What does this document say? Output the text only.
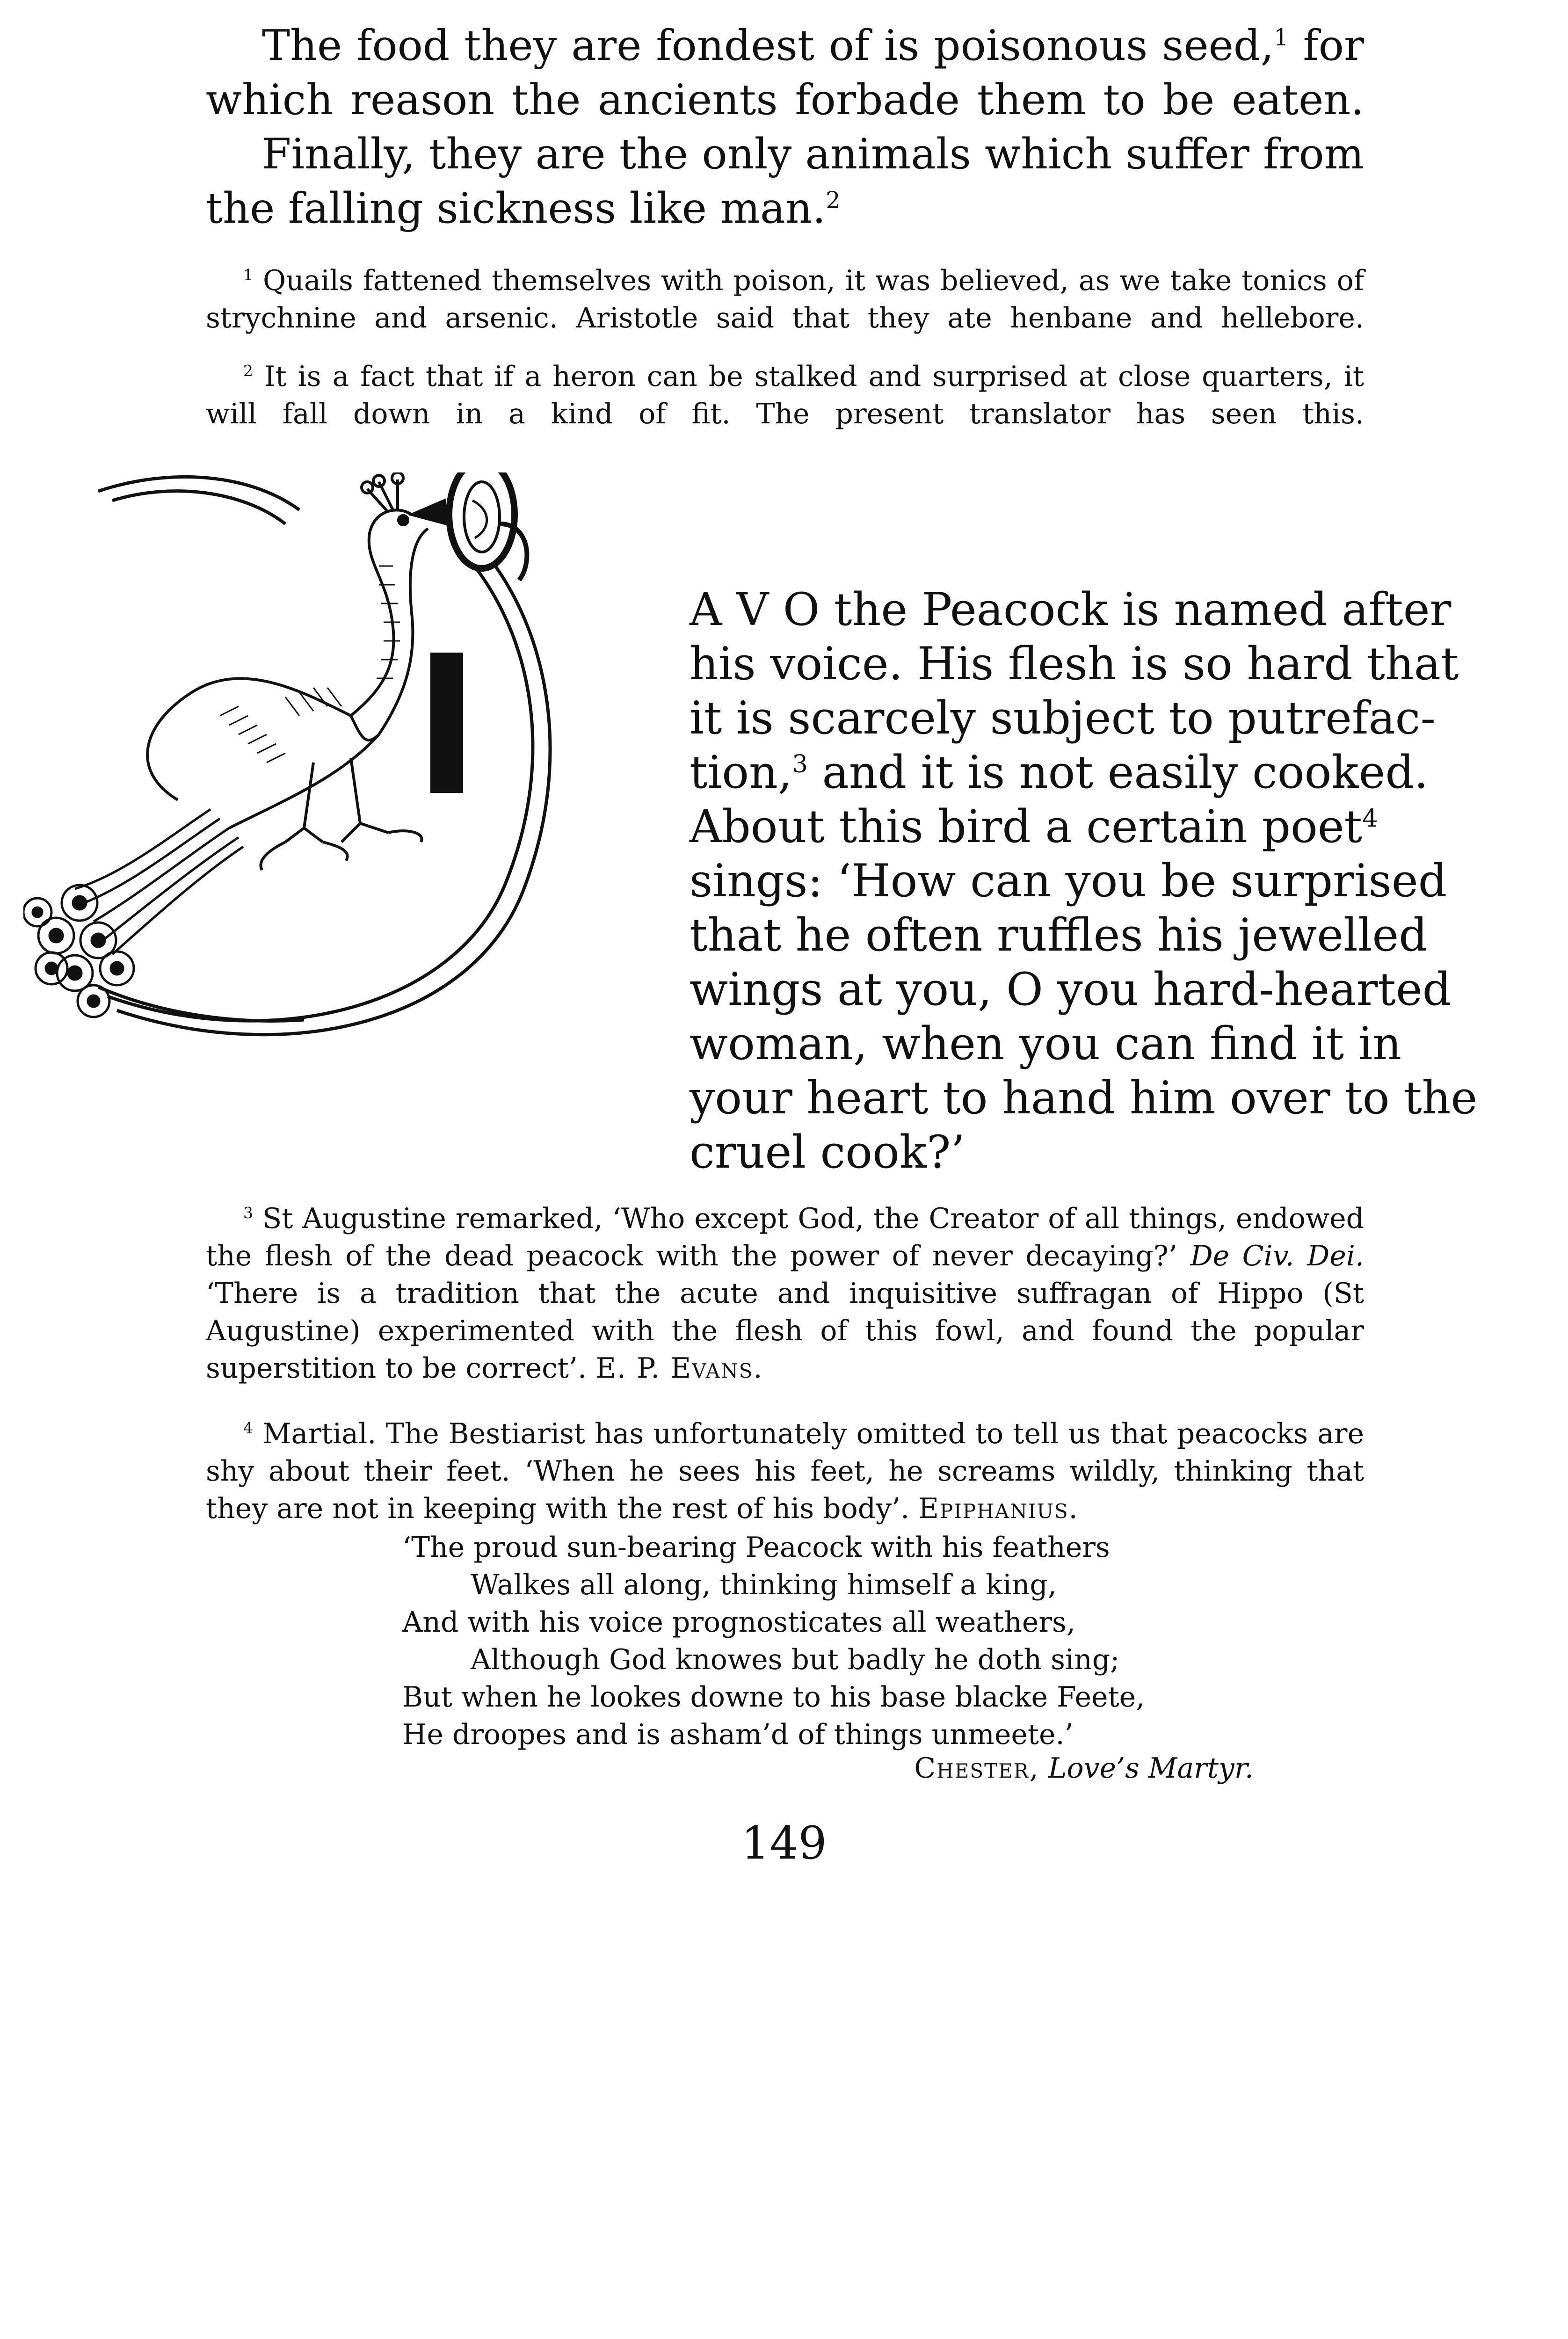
The food they are fondest of is poisonous seed,$^1$ for which reason the ancients forbade them to be eaten.
Finally, they are the only animals which suffer from the falling sickness like man.$^2$
$^1$ Quails fattened themselves with poison, it was believed, as we take tonics of strychnine and arsenic. Aristotle said that they ate henbane and hellebore.
$^2$ It is a fact that if a heron can be stalked and surprised at close quarters, it will fall down in a kind of fit. The present translator has seen this.
A V O the Peacock is named after
his voice. His flesh is so hard that
it is scarcely subject to putrefac-
tion,$^3$ and it is not easily cooked.
About this bird a certain poet$^4$
sings: ‘How can you be surprised
that he often ruffles his jewelled
wings at you, O you hard-hearted
woman, when you can find it in
your heart to hand him over to the
cruel cook?’
$^3$ St Augustine remarked, ‘Who except God, the Creator of all things, endowed the flesh of the dead peacock with the power of never decaying?’ De Civ. Dei. ‘There is a tradition that the acute and inquisitive suffragan of Hippo (St Augustine) experimented with the flesh of this fowl, and found the popular superstition to be correct’. E. P. Evans.
$^4$ Martial. The Bestiarist has unfortunately omitted to tell us that peacocks are shy about their feet. ‘When he sees his feet, he screams wildly, thinking that they are not in keeping with the rest of his body’. Epiphanius.
‘The proud sun-bearing Peacock with his feathers
Walkes all along, thinking himself a king,
And with his voice prognosticates all weathers,
Although God knowes but badly he doth sing;
But when he lookes downe to his base blacke Feete,
He droopes and is asham’d of things unmeete.’
Chester, Love’s Martyr.
149
